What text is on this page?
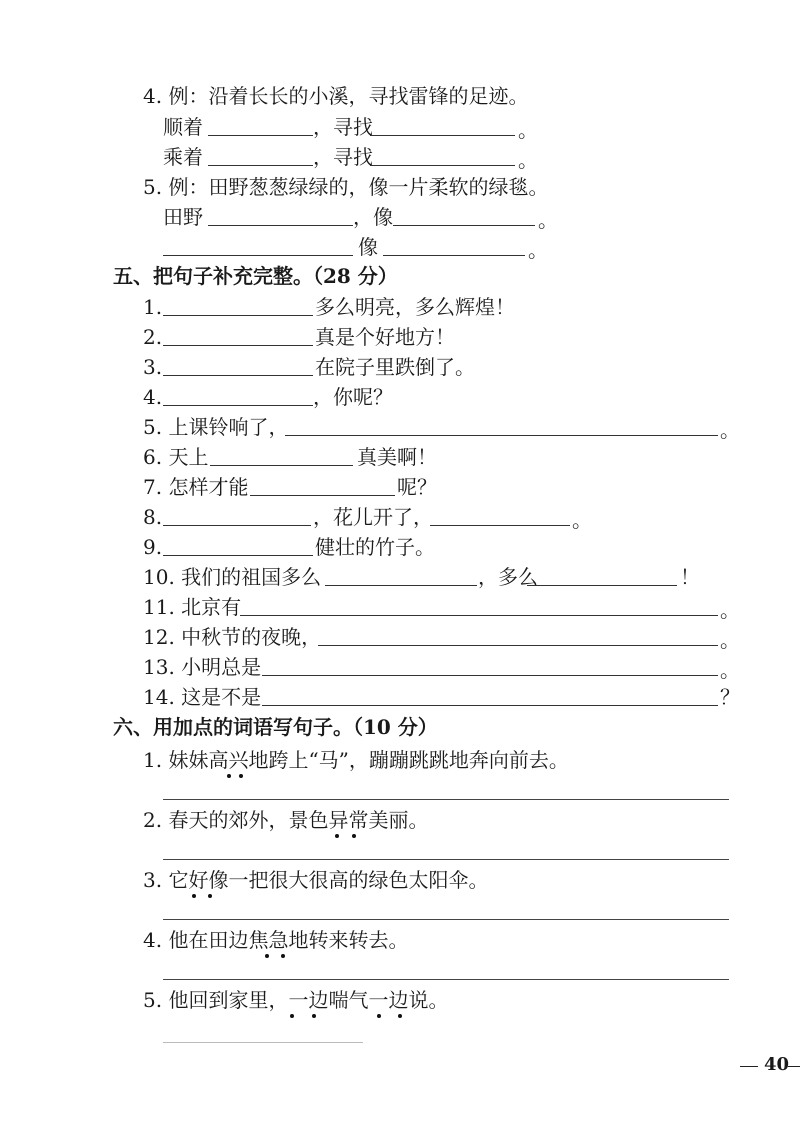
4. 例：沿着长长的小溪，寻找雷锋的足迹。
顺着	，寻找	。
乘着	，寻找	。
5. 例：田野葱葱绿绿的，像一片柔软的绿毯。
田野	，像	。
像	。
五、把句子补充完整。（28 分）
1.	多么明亮，多么辉煌！
2.	真是个好地方！
3.	在院子里跌倒了。
4.	，你呢？
5. 上课铃响了，	。
6. 天上	真美啊！
7. 怎样才能	呢？
8.	，花儿开了，	。
9.	健壮的竹子。
10. 我们的祖国多么	，多么	！
11. 北京有	。
12. 中秋节的夜晚，	。
13. 小明总是	。
14. 这是不是	？
六、用加点的词语写句子。（10 分）
1. 妹妹高兴地跨上“马”，蹦蹦跳跳地奔向前去。
2. 春天的郊外，景色异常美丽。
3. 它好像一把很大很高的绿色太阳伞。
4. 他在田边焦急地转来转去。
5. 他回到家里，一边喘气一边说。
40
